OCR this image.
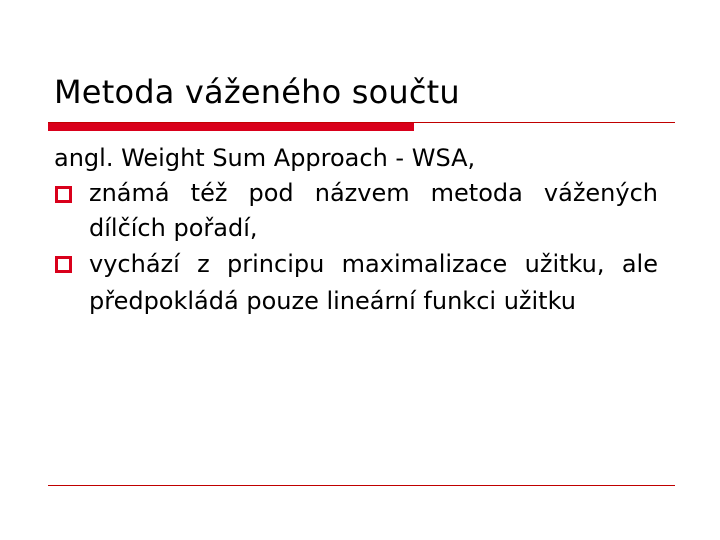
Metoda váženého součtu

angl. Weight Sum Approach - WSA,

známá též pod názvem metoda vážených dílčích pořadí,
vychází z principu maximalizace užitku, ale předpokládá pouze lineární funkci užitku
